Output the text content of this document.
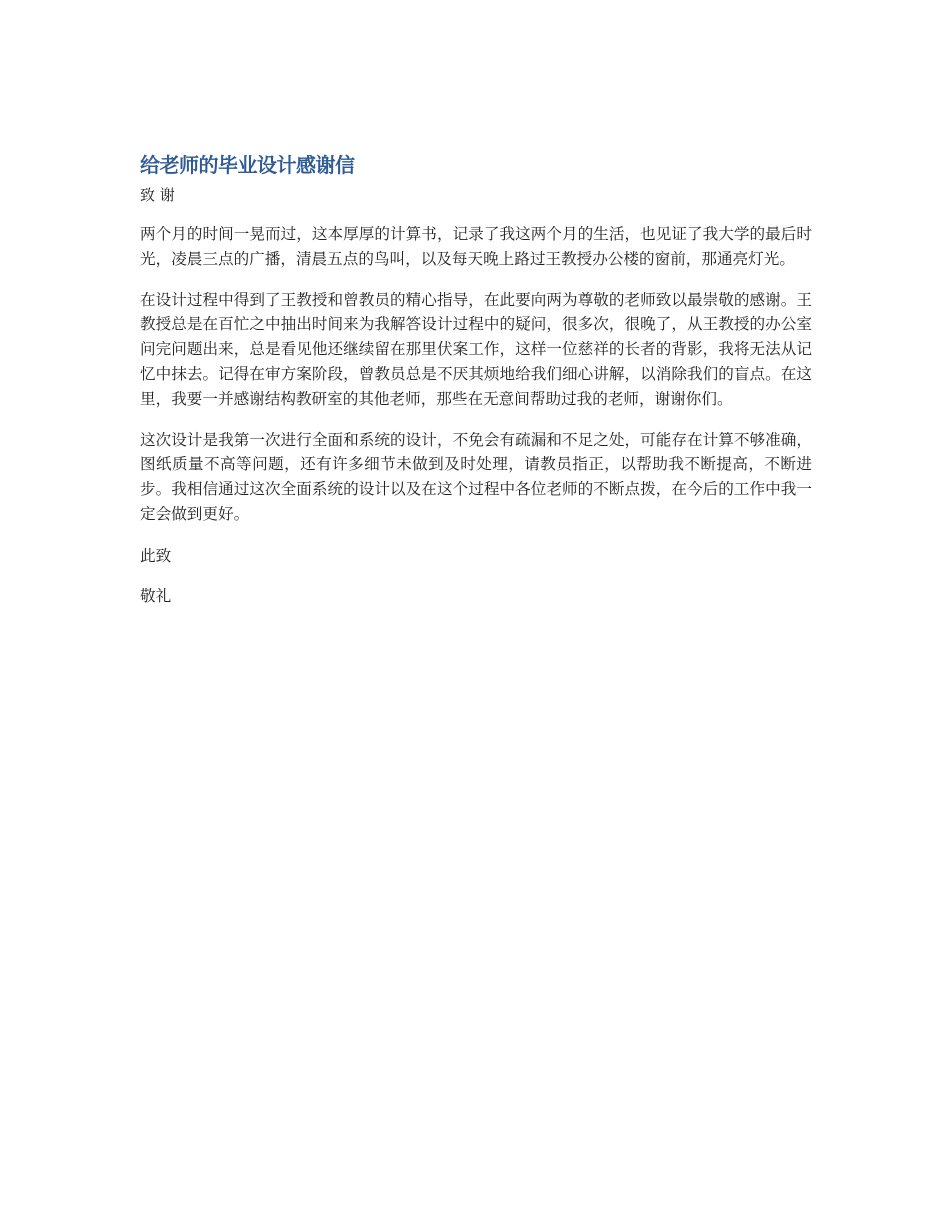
给老师的毕业设计感谢信
致 谢

两个月的时间一晃而过，这本厚厚的计算书，记录了我这两个月的生活，也见证了我大学的最后时光，凌晨三点的广播，清晨五点的鸟叫，以及每天晚上路过王教授办公楼的窗前，那通亮灯光。

在设计过程中得到了王教授和曾教员的精心指导，在此要向两为尊敬的老师致以最崇敬的感谢。王教授总是在百忙之中抽出时间来为我解答设计过程中的疑问，很多次，很晚了，从王教授的办公室问完问题出来，总是看见他还继续留在那里伏案工作，这样一位慈祥的长者的背影，我将无法从记忆中抹去。记得在审方案阶段，曾教员总是不厌其烦地给我们细心讲解，以消除我们的盲点。在这里，我要一并感谢结构教研室的其他老师，那些在无意间帮助过我的老师，谢谢你们。

这次设计是我第一次进行全面和系统的设计，不免会有疏漏和不足之处，可能存在计算不够准确，图纸质量不高等问题，还有许多细节未做到及时处理，请教员指正，以帮助我不断提高，不断进步。我相信通过这次全面系统的设计以及在这个过程中各位老师的不断点拨，在今后的工作中我一定会做到更好。

此致
敬礼
